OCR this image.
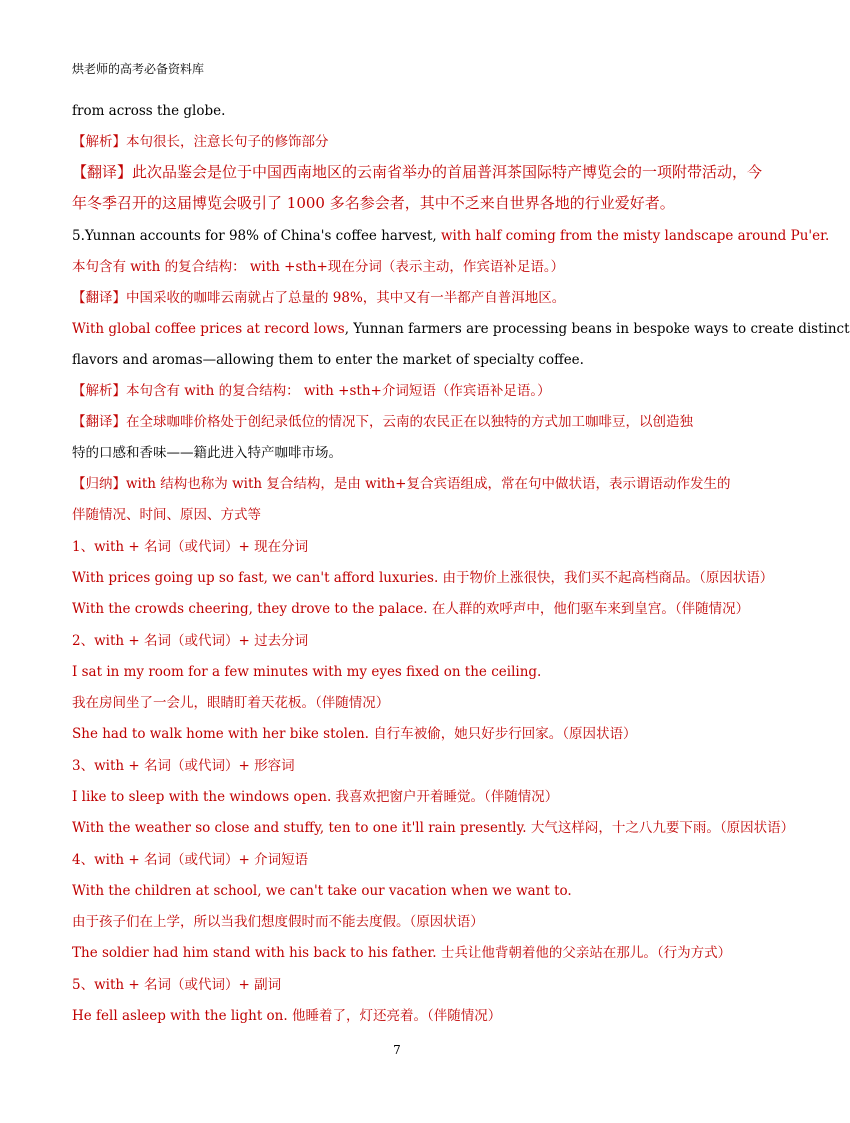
烘老师的高考必备资料库
from across the globe.
【解析】本句很长，注意长句子的修饰部分
【翻译】此次品鉴会是位于中国西南地区的云南省举办的首届普洱茶国际特产博览会的一项附带活动，今
年冬季召开的这届博览会吸引了 1000 多名参会者，其中不乏来自世界各地的行业爱好者。
5.Yunnan accounts for 98% of China's coffee harvest, with half coming from the misty landscape around Pu'er.
本句含有 with 的复合结构： with +sth+现在分词（表示主动，作宾语补足语。）
【翻译】中国采收的咖啡云南就占了总量的 98%，其中又有一半都产自普洱地区。
With global coffee prices at record lows, Yunnan farmers are processing beans in bespoke ways to create distinct
flavors and aromas—allowing them to enter the market of specialty coffee.
【解析】本句含有 with 的复合结构： with +sth+介词短语（作宾语补足语。）
【翻译】在全球咖啡价格处于创纪录低位的情况下，云南的农民正在以独特的方式加工咖啡豆，以创造独
特的口感和香味——籍此进入特产咖啡市场。
【归纳】with 结构也称为 with 复合结构，是由 with+复合宾语组成，常在句中做状语，表示谓语动作发生的
伴随情况、时间、原因、方式等
1、with + 名词（或代词）+ 现在分词
With prices going up so fast, we can't afford luxuries. 由于物价上涨很快，我们买不起高档商品。（原因状语）
With the crowds cheering, they drove to the palace. 在人群的欢呼声中，他们驱车来到皇宫。（伴随情况）
2、with + 名词（或代词）+ 过去分词
I sat in my room for a few minutes with my eyes fixed on the ceiling.
我在房间坐了一会儿，眼睛盯着天花板。（伴随情况）
She had to walk home with her bike stolen. 自行车被偷，她只好步行回家。（原因状语）
3、with + 名词（或代词）+ 形容词
I like to sleep with the windows open. 我喜欢把窗户开着睡觉。（伴随情况）
With the weather so close and stuffy, ten to one it'll rain presently. 大气这样闷，十之八九要下雨。（原因状语）
4、with + 名词（或代词）+ 介词短语
With the children at school, we can't take our vacation when we want to.
由于孩子们在上学，所以当我们想度假时而不能去度假。（原因状语）
The soldier had him stand with his back to his father. 士兵让他背朝着他的父亲站在那儿。（行为方式）
5、with + 名词（或代词）+ 副词
He fell asleep with the light on. 他睡着了，灯还亮着。（伴随情况）
7
